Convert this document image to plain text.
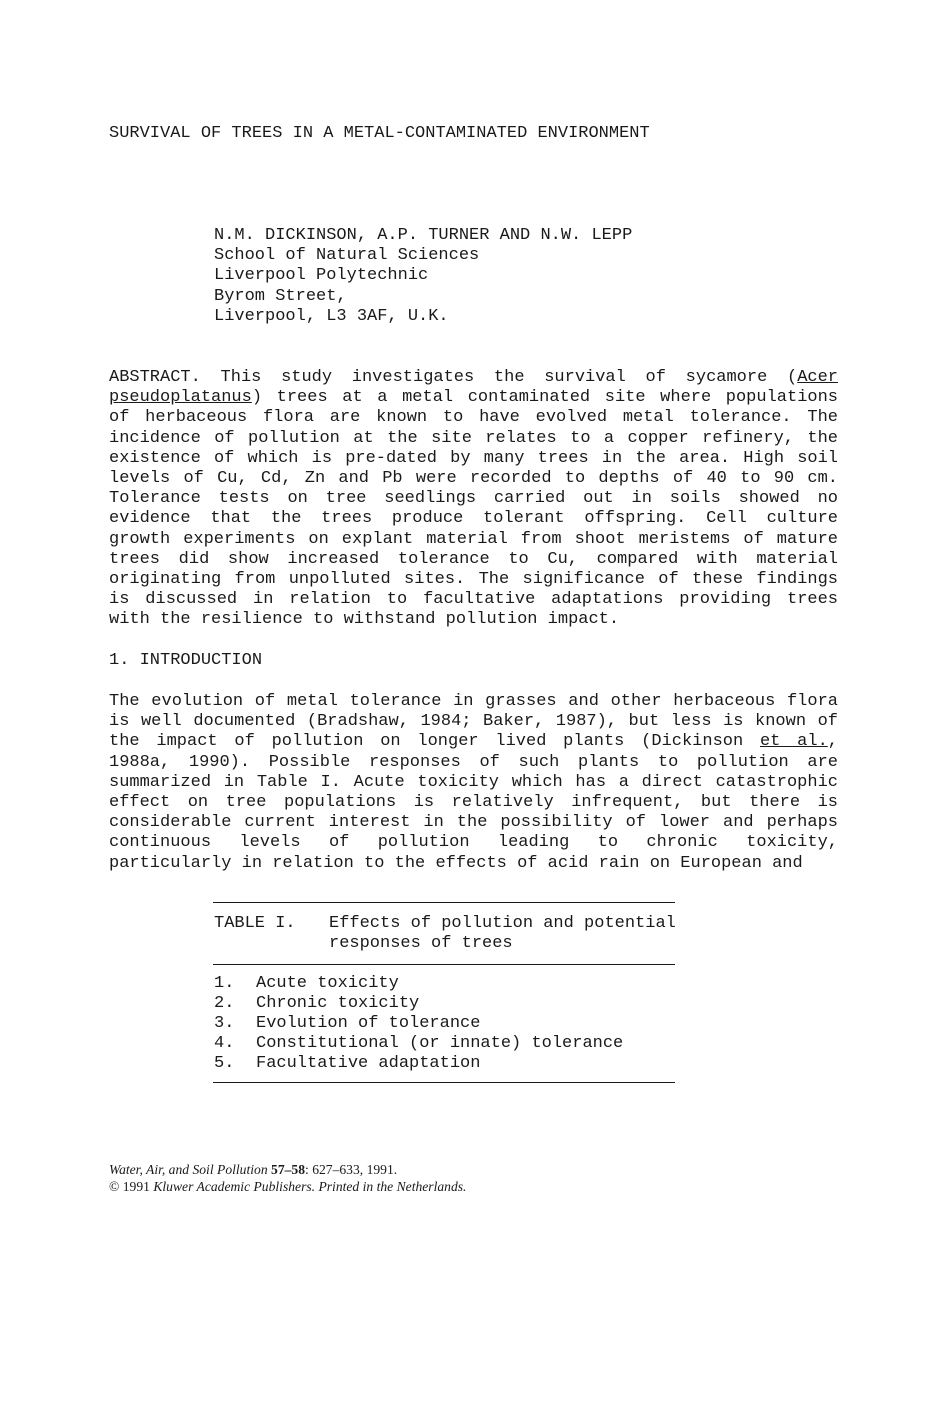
SURVIVAL OF TREES IN A METAL-CONTAMINATED ENVIRONMENT
N.M. DICKINSON, A.P. TURNER AND N.W. LEPP
School of Natural Sciences
Liverpool Polytechnic
Byrom Street,
Liverpool, L3 3AF, U.K.
ABSTRACT. This study investigates the survival of sycamore (Acer
pseudoplatanus) trees at a metal contaminated site where populations
of herbaceous flora are known to have evolved metal tolerance. The
incidence of pollution at the site relates to a copper refinery, the
existence of which is pre-dated by many trees in the area. High soil
levels of Cu, Cd, Zn and Pb were recorded to depths of 40 to 90 cm.
Tolerance tests on tree seedlings carried out in soils showed no
evidence that the trees produce tolerant offspring. Cell culture
growth experiments on explant material from shoot meristems of mature
trees did show increased tolerance to Cu, compared with material
originating from unpolluted sites. The significance of these findings
is discussed in relation to facultative adaptations providing trees
with the resilience to withstand pollution impact.
1. INTRODUCTION
The evolution of metal tolerance in grasses and other herbaceous flora
is well documented (Bradshaw, 1984; Baker, 1987), but less is known of
the impact of pollution on longer lived plants (Dickinson et al.,
1988a, 1990). Possible responses of such plants to pollution are
summarized in Table I. Acute toxicity which has a direct catastrophic
effect on tree populations is relatively infrequent, but there is
considerable current interest in the possibility of lower and perhaps
continuous levels of pollution leading to chronic toxicity,
particularly in relation to the effects of acid rain on European and
TABLE I.	Effects of pollution and potential
responses of trees
1.	Acute toxicity
2.	Chronic toxicity
3.	Evolution of tolerance
4.	Constitutional (or innate) tolerance
5.	Facultative adaptation
Water, Air, and Soil Pollution 57–58: 627–633, 1991.
© 1991 Kluwer Academic Publishers. Printed in the Netherlands.
